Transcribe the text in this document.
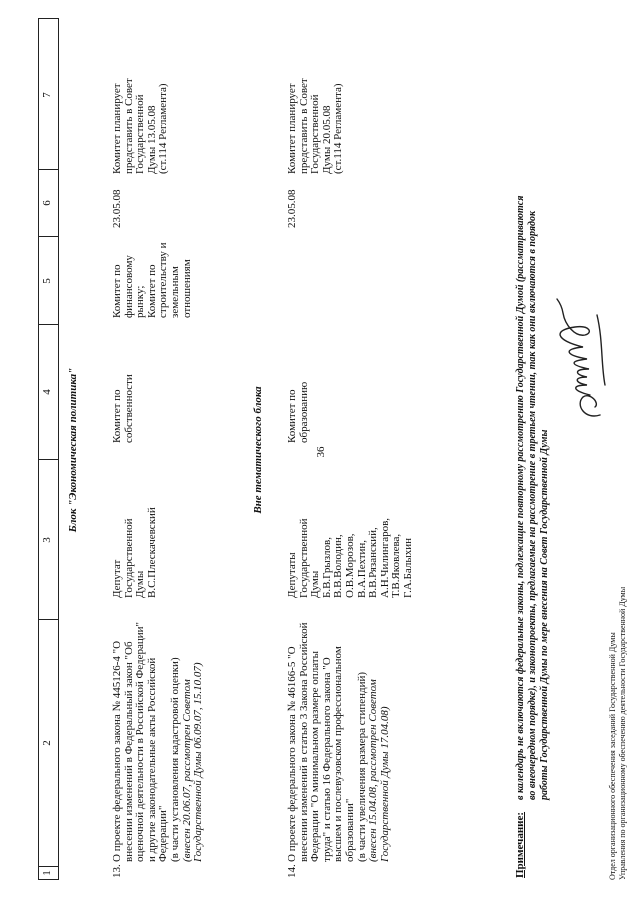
36
1
2
3
4
5
6
7
Блок "Экономическая политика"
13.
О проекте федерального закона № 445126-4 "О внесении изменений в Федеральный закон "Об оценочной деятельности в Российской Федерации" и другие законодательные акты Российской Федерации"
(в части установления кадастровой оценки)
(внесен 20.06.07, рассмотрен Советом Государственной Думы 06.09.07, 15.10.07)
Депутат
Государственной
Думы
В.С.Плескачевский
Комитет по
собственности
Комитет по
финансовому
рынку;
Комитет по
строительству и
земельным
отношениям
23.05.08
Комитет планирует
представить в Совет
Государственной
Думы 13.05.08
(ст.114 Регламента)
Вне тематического блока
14.
О проекте федерального закона № 46166-5 "О внесении изменений в статью 3 Закона Российской Федерации "О минимальном размере оплаты труда" и статью 16 Федерального закона "О высшем и послевузовском профессиональном образовании"
(в части увеличения размера стипендий)
(внесен 15.04.08, рассмотрен Советом Государственной Думы 17.04.08)
Депутаты
Государственной
Думы
Б.В.Грызлов,
В.В.Володин,
О.В.Морозов,
В.А.Пехтин,
В.В.Рязанский,
А.Н.Чилингаров,
Т.В.Яковлева,
Г.А.Балыхин
Комитет по
образованию
23.05.08
Комитет планирует
представить в Совет
Государственной
Думы 20.05.08
(ст.114 Регламента)
Примечание:
в календарь не включаются федеральные законы, подлежащие повторному рассмотрению Государственной Думой (рассматриваются
во внеочередном порядке), и законопроекты, предлагаемые на рассмотрение в третьем чтении, так как они включаются в порядок
работы Государственной Думы по мере внесения на Совет Государственной Думы
Отдел организационного обеспечения заседаний Государственной Думы
Управления по организационному обеспечению деятельности Государственной Думы
